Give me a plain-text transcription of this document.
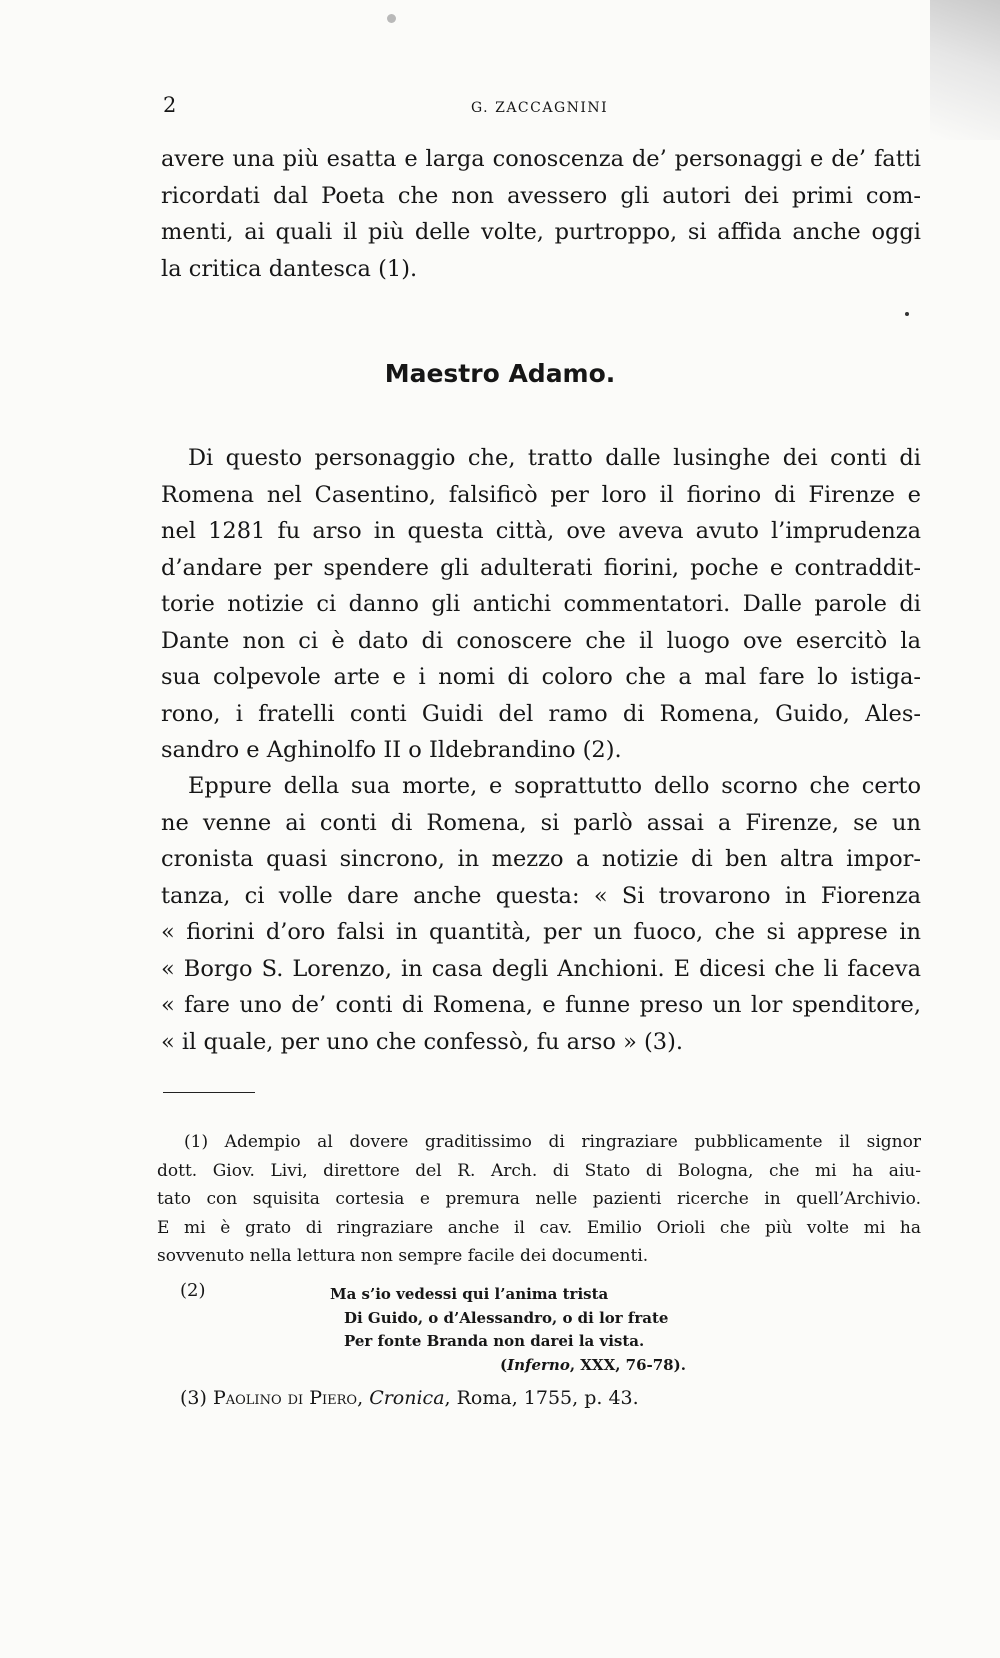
2	G. ZACCAGNINI
avere una più esatta e larga conoscenza de’ personaggi e de’ fatti
ricordati dal Poeta che non avessero gli autori dei primi com-
menti, ai quali il più delle volte, purtroppo, si affida anche oggi
la critica dantesca (1).
Maestro Adamo.
Di questo personaggio che, tratto dalle lusinghe dei conti di
Romena nel Casentino, falsificò per loro il fiorino di Firenze e
nel 1281 fu arso in questa città, ove aveva avuto l’imprudenza
d’andare per spendere gli adulterati fiorini, poche e contraddit-
torie notizie ci danno gli antichi commentatori. Dalle parole di
Dante non ci è dato di conoscere che il luogo ove esercitò la
sua colpevole arte e i nomi di coloro che a mal fare lo istiga-
rono, i fratelli conti Guidi del ramo di Romena, Guido, Ales-
sandro e Aghinolfo II o Ildebrandino (2).
Eppure della sua morte, e soprattutto dello scorno che certo
ne venne ai conti di Romena, si parlò assai a Firenze, se un
cronista quasi sincrono, in mezzo a notizie di ben altra impor-
tanza, ci volle dare anche questa: « Si trovarono in Fiorenza
« fiorini d’oro falsi in quantità, per un fuoco, che si apprese in
« Borgo S. Lorenzo, in casa degli Anchioni. E dicesi che li faceva
« fare uno de’ conti di Romena, e funne preso un lor spenditore,
« il quale, per uno che confessò, fu arso » (3).
(1) Adempio al dovere graditissimo di ringraziare pubblicamente il signor
dott. Giov. Livi, direttore del R. Arch. di Stato di Bologna, che mi ha aiu-
tato con squisita cortesia e premura nelle pazienti ricerche in quell’Archivio.
E mi è grato di ringraziare anche il cav. Emilio Orioli che più volte mi ha
sovvenuto nella lettura non sempre facile dei documenti.
(2)	Ma s’io vedessi qui l’anima trista
Di Guido, o d’Alessandro, o di lor frate
Per fonte Branda non darei la vista.
(Inferno, XXX, 76-78).
(3) Paolino di Piero, Cronica, Roma, 1755, p. 43.
